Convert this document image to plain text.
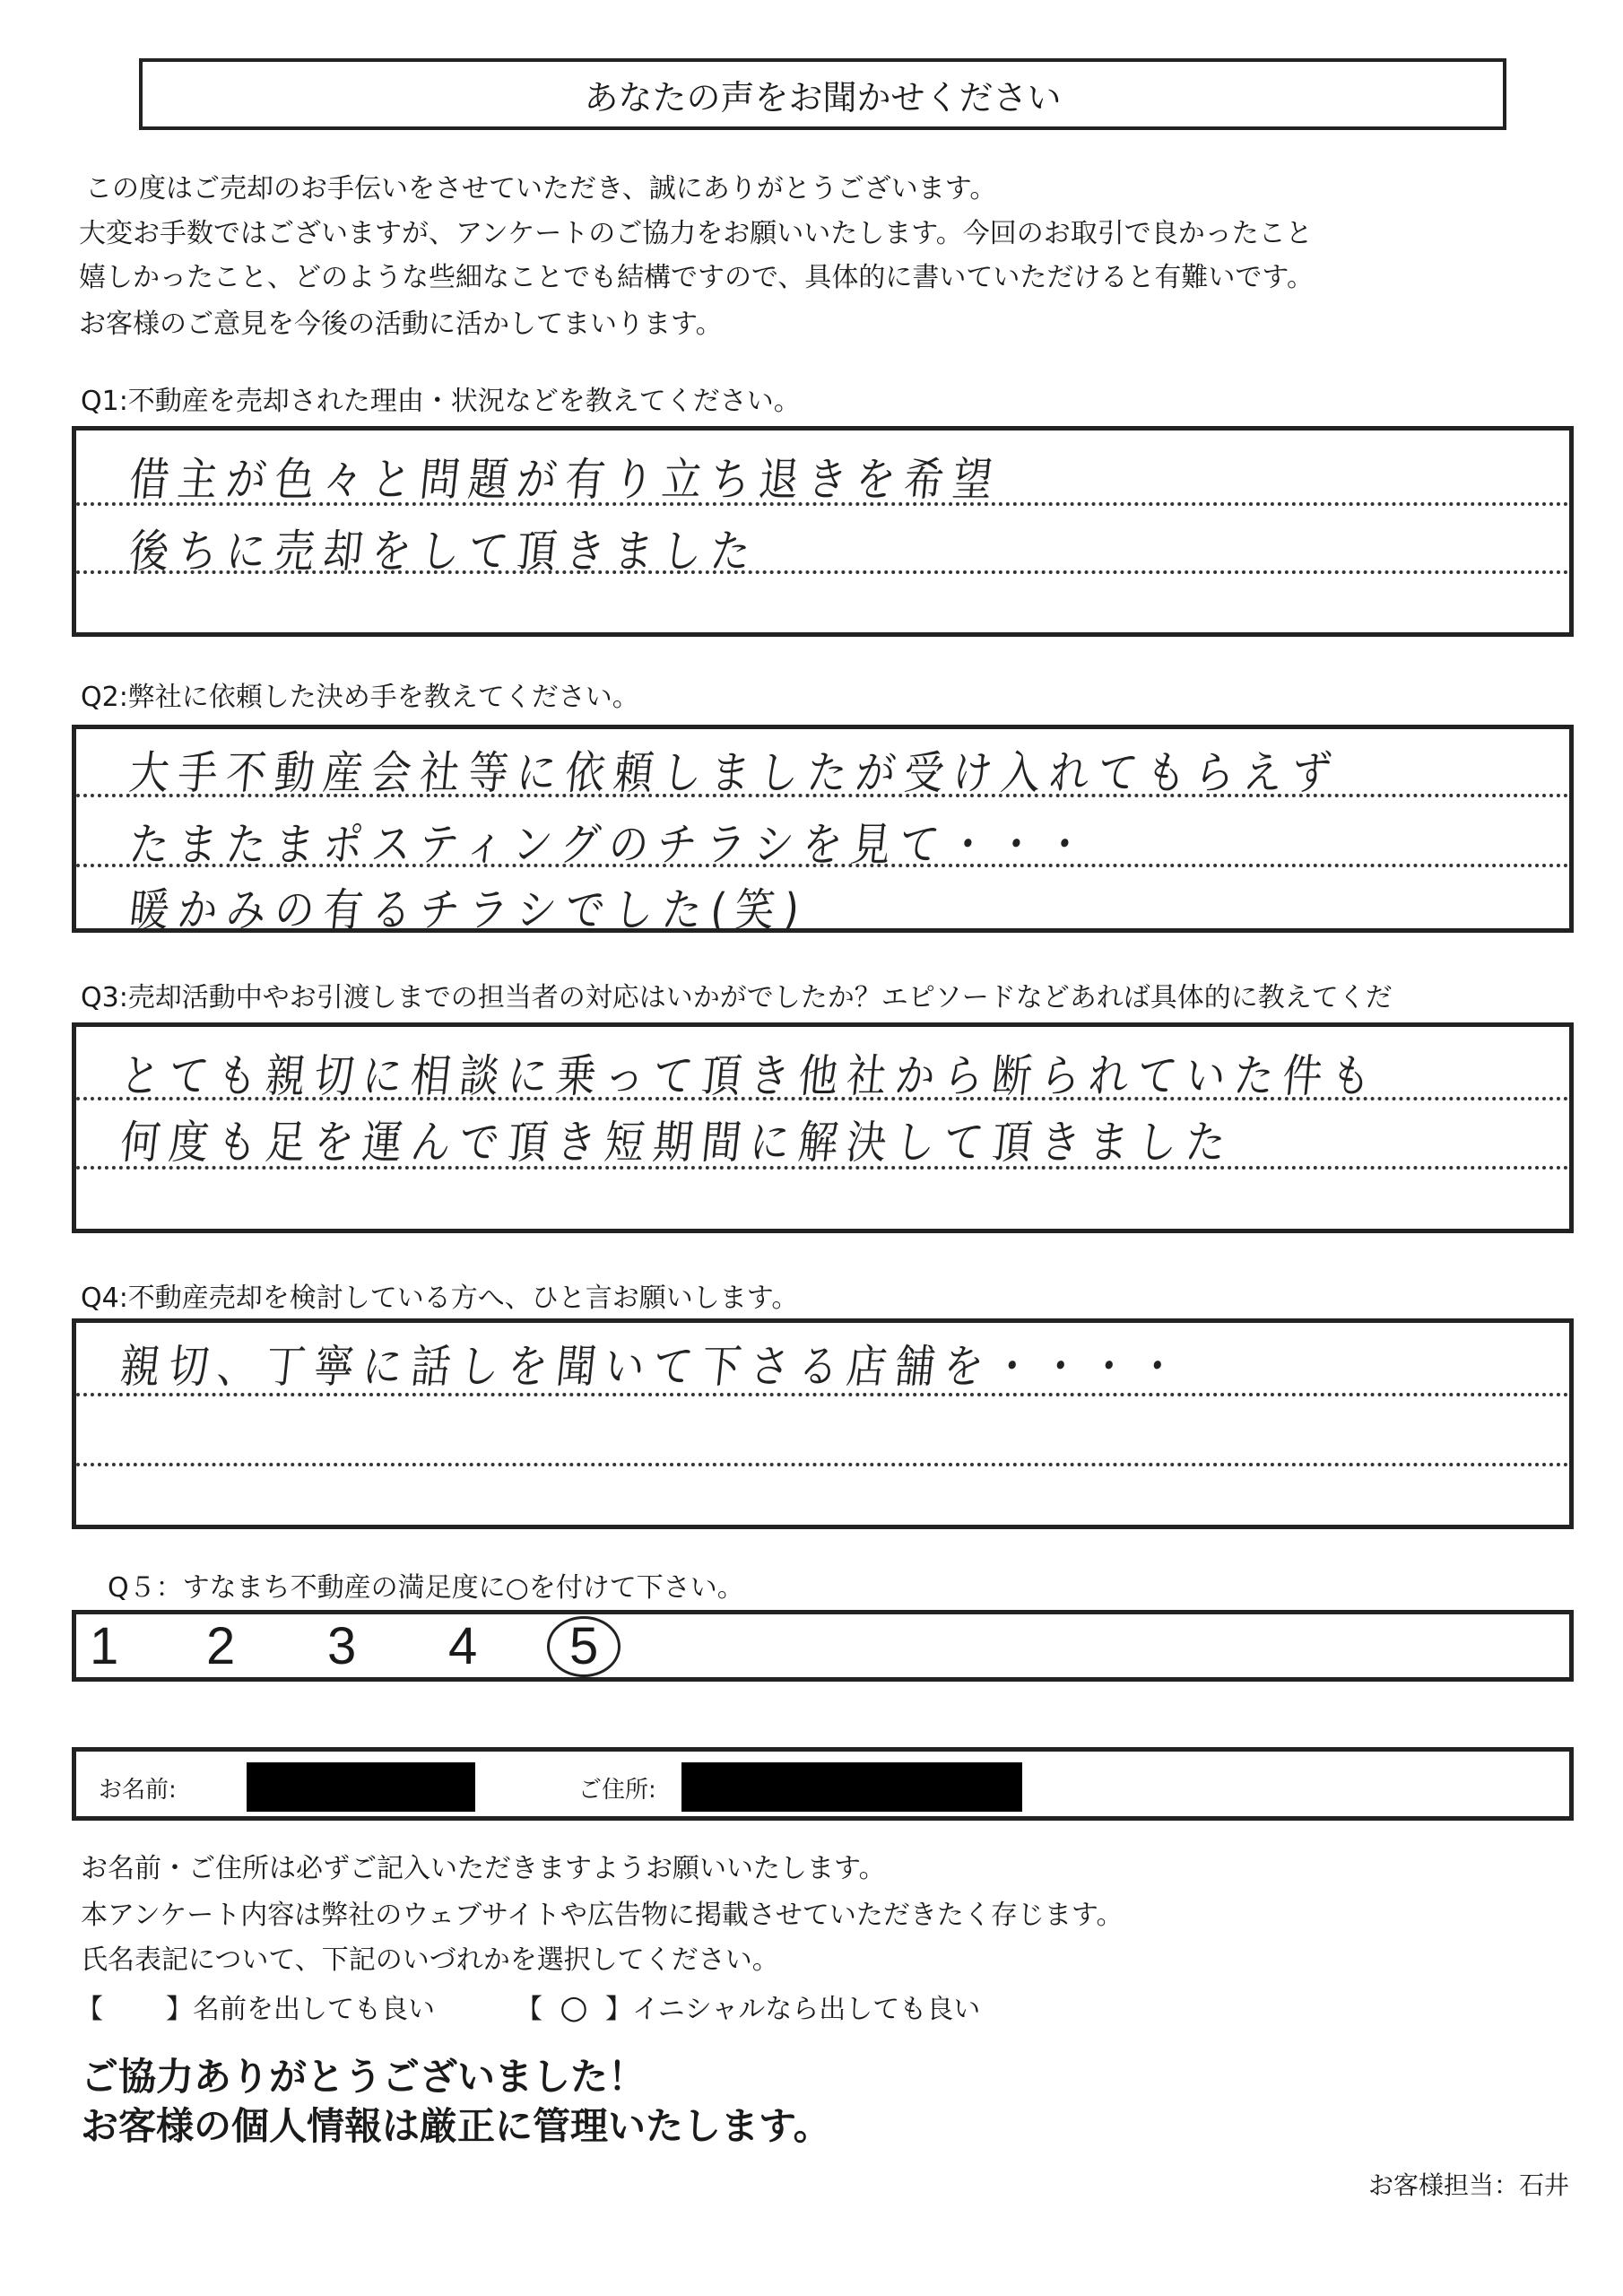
あなたの声をお聞かせください
この度はご売却のお手伝いをさせていただき、誠にありがとうございます。
大変お手数ではございますが、アンケートのご協力をお願いいたします。今回のお取引で良かったこと
嬉しかったこと、どのような些細なことでも結構ですので、具体的に書いていただけると有難いです。
お客様のご意見を今後の活動に活かしてまいります。
Q1:不動産を売却された理由・状況などを教えてください。
借主が色々と問題が有り立ち退きを希望
後ちに売却をして頂きました
Q2:弊社に依頼した決め手を教えてください。
大手不動産会社等に依頼しましたが受け入れてもらえず
たまたまポスティングのチラシを見て・・・
暖かみの有るチラシでした(笑)
Q3:売却活動中やお引渡しまでの担当者の対応はいかがでしたか？エピソードなどあれば具体的に教えてくだ
とても親切に相談に乗って頂き他社から断られていた件も
何度も足を運んで頂き短期間に解決して頂きました
Q4:不動産売却を検討している方へ、ひと言お願いします。
親切、丁寧に話しを聞いて下さる店舗を・・・・
Q５：すなまち不動産の満足度に○を付けて下さい。
1 2 3 4 5
お名前:	ご住所:
お名前・ご住所は必ずご記入いただきますようお願いいたします。
本アンケート内容は弊社のウェブサイトや広告物に掲載させていただきたく存じます。
氏名表記について、下記のいづれかを選択してください。
【 】名前を出しても良い	【 ○ 】イニシャルなら出しても良い
ご協力ありがとうございました！
お客様の個人情報は厳正に管理いたします。
お客様担当：石井
